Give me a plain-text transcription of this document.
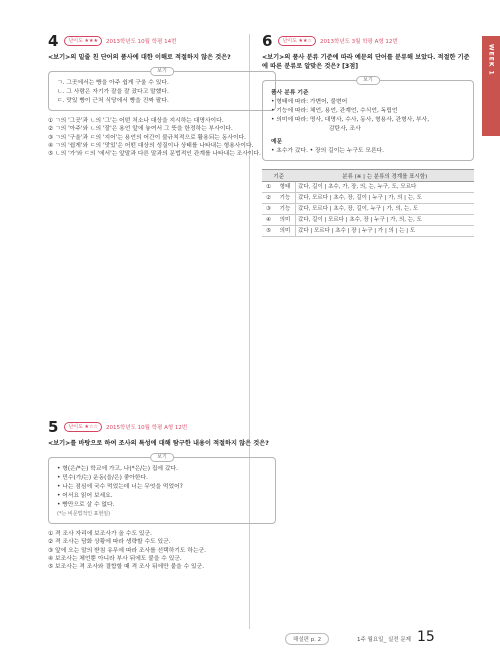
4	난이도 ★★★	2013학년도 10월 학평 14번
<보기>의 밑줄 친 단어의 품사에 대한 이해로 적절하지 않은 것은?
보기
ㄱ. 그곳에서는 빵을 아주 쉽게 구울 수 있다.
ㄴ. 그 사람은 자기가 잘을 잘 잤다고 말했다.
ㄷ. 맛있 빵이 근처 식당에서 빵을 진짜 팔다.
① ㄱ의 '그곳'과 ㄴ의 '그'는 어떤 처소나 대상을 지시하는 대명사이다.
② ㄱ의 '아주'와 ㄴ의 '잘'은 용언 앞에 놓여서 그 뜻을 한정하는 부사이다.
③ ㄱ의 '구울'과 ㄷ의 '지어'는 용언의 어간이 불규칙적으로 활용되는 동사이다.
④ ㄱ의 '쉽게'와 ㄷ의 '맛있'은 어떤 대상의 성질이나 상태를 나타내는 형용사이다.
⑤ ㄴ의 '가'와 ㄷ의 '에서'는 앞말과 다른 말과의 문법적인 관계를 나타내는 조사이다.
5	난이도 ★☆☆	2015학년도 10월 학평 A형 12번
<보기>를 바탕으로 하여 조사의 특성에 대해 탐구한 내용이 적절하지 않은 것은?
보기
• 형(은/*는) 학교에 가고, 나(*은/는) 집에 갔다.
• 민수(가/는) 운동(을/은) 좋아한다.
• 나는 점심에 국수 먹었는데 너는 무엇을 먹었어?
• 어서요 읽어 보세요.
• 빵만으로 살 수 없다.
(*는 비문법적인 표현임)
① 격 조사 자리에 보조사가 올 수도 있군.
② 격 조사는 담화 상황에 따라 생략할 수도 있군.
③ 앞에 오는 말의 받침 유무에 따라 조사를 선택하기도 하는군.
④ 보조사는 체언뿐 아니라 부사 뒤에도 붙을 수 있군.
⑤ 보조사는 격 조사와 결합할 때 격 조사 뒤에만 붙을 수 있군.
6	난이도 ★★☆	2013학년도 3월 학평 A형 12번
<보기>의 품사 분류 기준에 따라 예문의 단어를 분류해 보았다. 적절한 기준에 따른 분류로 알맞은 것은? [3점]
보기
품사 분류 기준
• 형태에 따라: 가변어, 불변어
• 기능에 따라: 체언, 용언, 관계언, 수식언, 독립언
• 의미에 따라: 명사, 대명사, 수사, 동사, 형용사, 관형사, 부사,
감탄사, 조사
예문
• 초수가 갔다. • 장의 길이는 누구도 모른다.
기준		분류 (※ | 는 분류의 경계를 표시함)
①	형태	갔다, 길이 | 초수, 가, 장, 의, 는, 누구, 도, 모르다
②	기능	갔다, 모르다 | 초수, 장, 길이 | 누구 | 가, 의 | 는, 도
③	기능	갔다, 모르다 | 초수, 장, 길이, 누구 | 가, 의, 는, 도
④	의미	갔다, 길이 | 모르다 | 초수, 장 | 누구 | 가, 의, 는, 도
⑤	의미	갔다 | 모르다 | 초수 | 장 | 누구 | 가 | 의 | 는 | 도
WEEK 1
해설편 p. 2	1주 월요일_ 실전 문제 15
